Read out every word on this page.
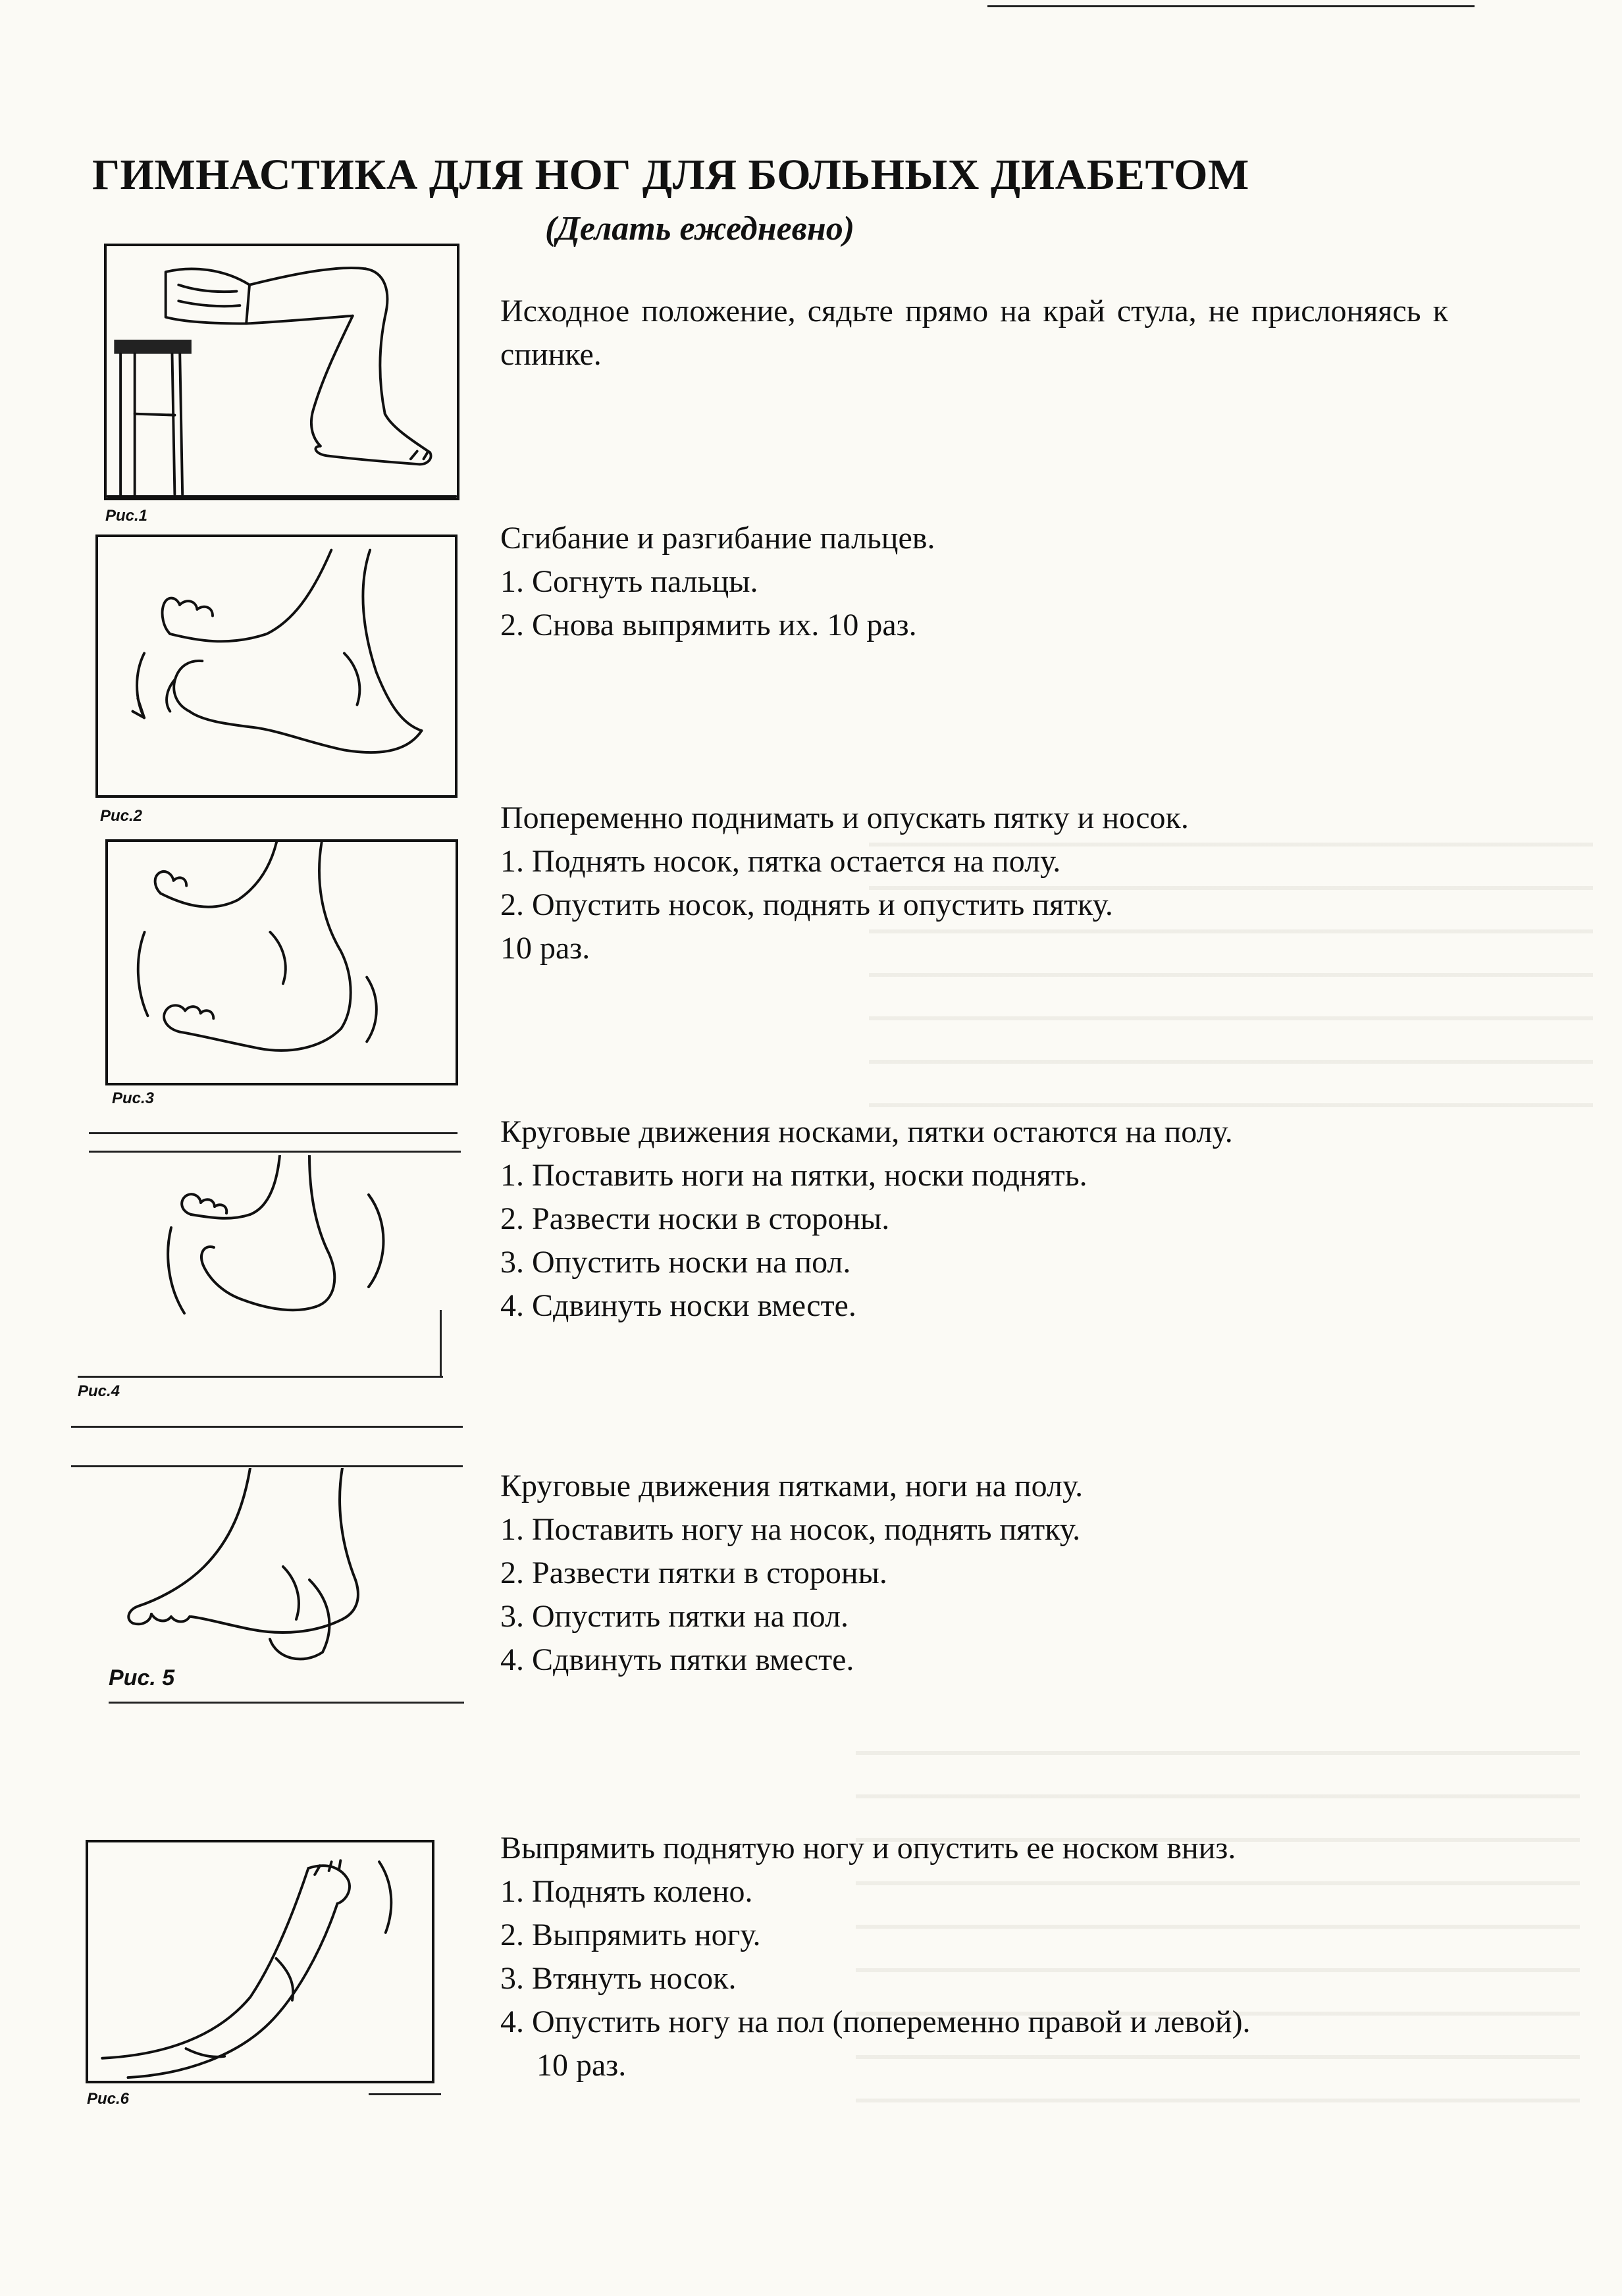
ГИМНАСТИКА ДЛЯ НОГ ДЛЯ БОЛЬНЫХ ДИАБЕТОМ
(Делать ежедневно)
Рис.1
Рис.2
Рис.3
Рис.4
Рис. 5
Рис.6
Исходное положение, сядьте прямо на край стула, не прислоняясь к спинке.
Сгибание и разгибание пальцев.
1. Согнуть пальцы.
2. Снова выпрямить их. 10 раз.
Попеременно поднимать и опускать пятку и носок.
1. Поднять носок, пятка остается на полу.
2. Опустить носок, поднять и опустить пятку.
10 раз.
Круговые движения носками, пятки остаются на полу.
1. Поставить ноги на пятки, носки поднять.
2. Развести носки в стороны.
3. Опустить носки на пол.
4. Сдвинуть носки вместе.
Круговые движения пятками, ноги на полу.
1. Поставить ногу на носок, поднять пятку.
2. Развести пятки в стороны.
3. Опустить пятки на пол.
4. Сдвинуть пятки вместе.
Выпрямить поднятую ногу и опустить ее носком вниз.
1. Поднять колено.
2. Выпрямить ногу.
3. Втянуть носок.
4. Опустить ногу на пол (попеременно правой и левой).
10 раз.
